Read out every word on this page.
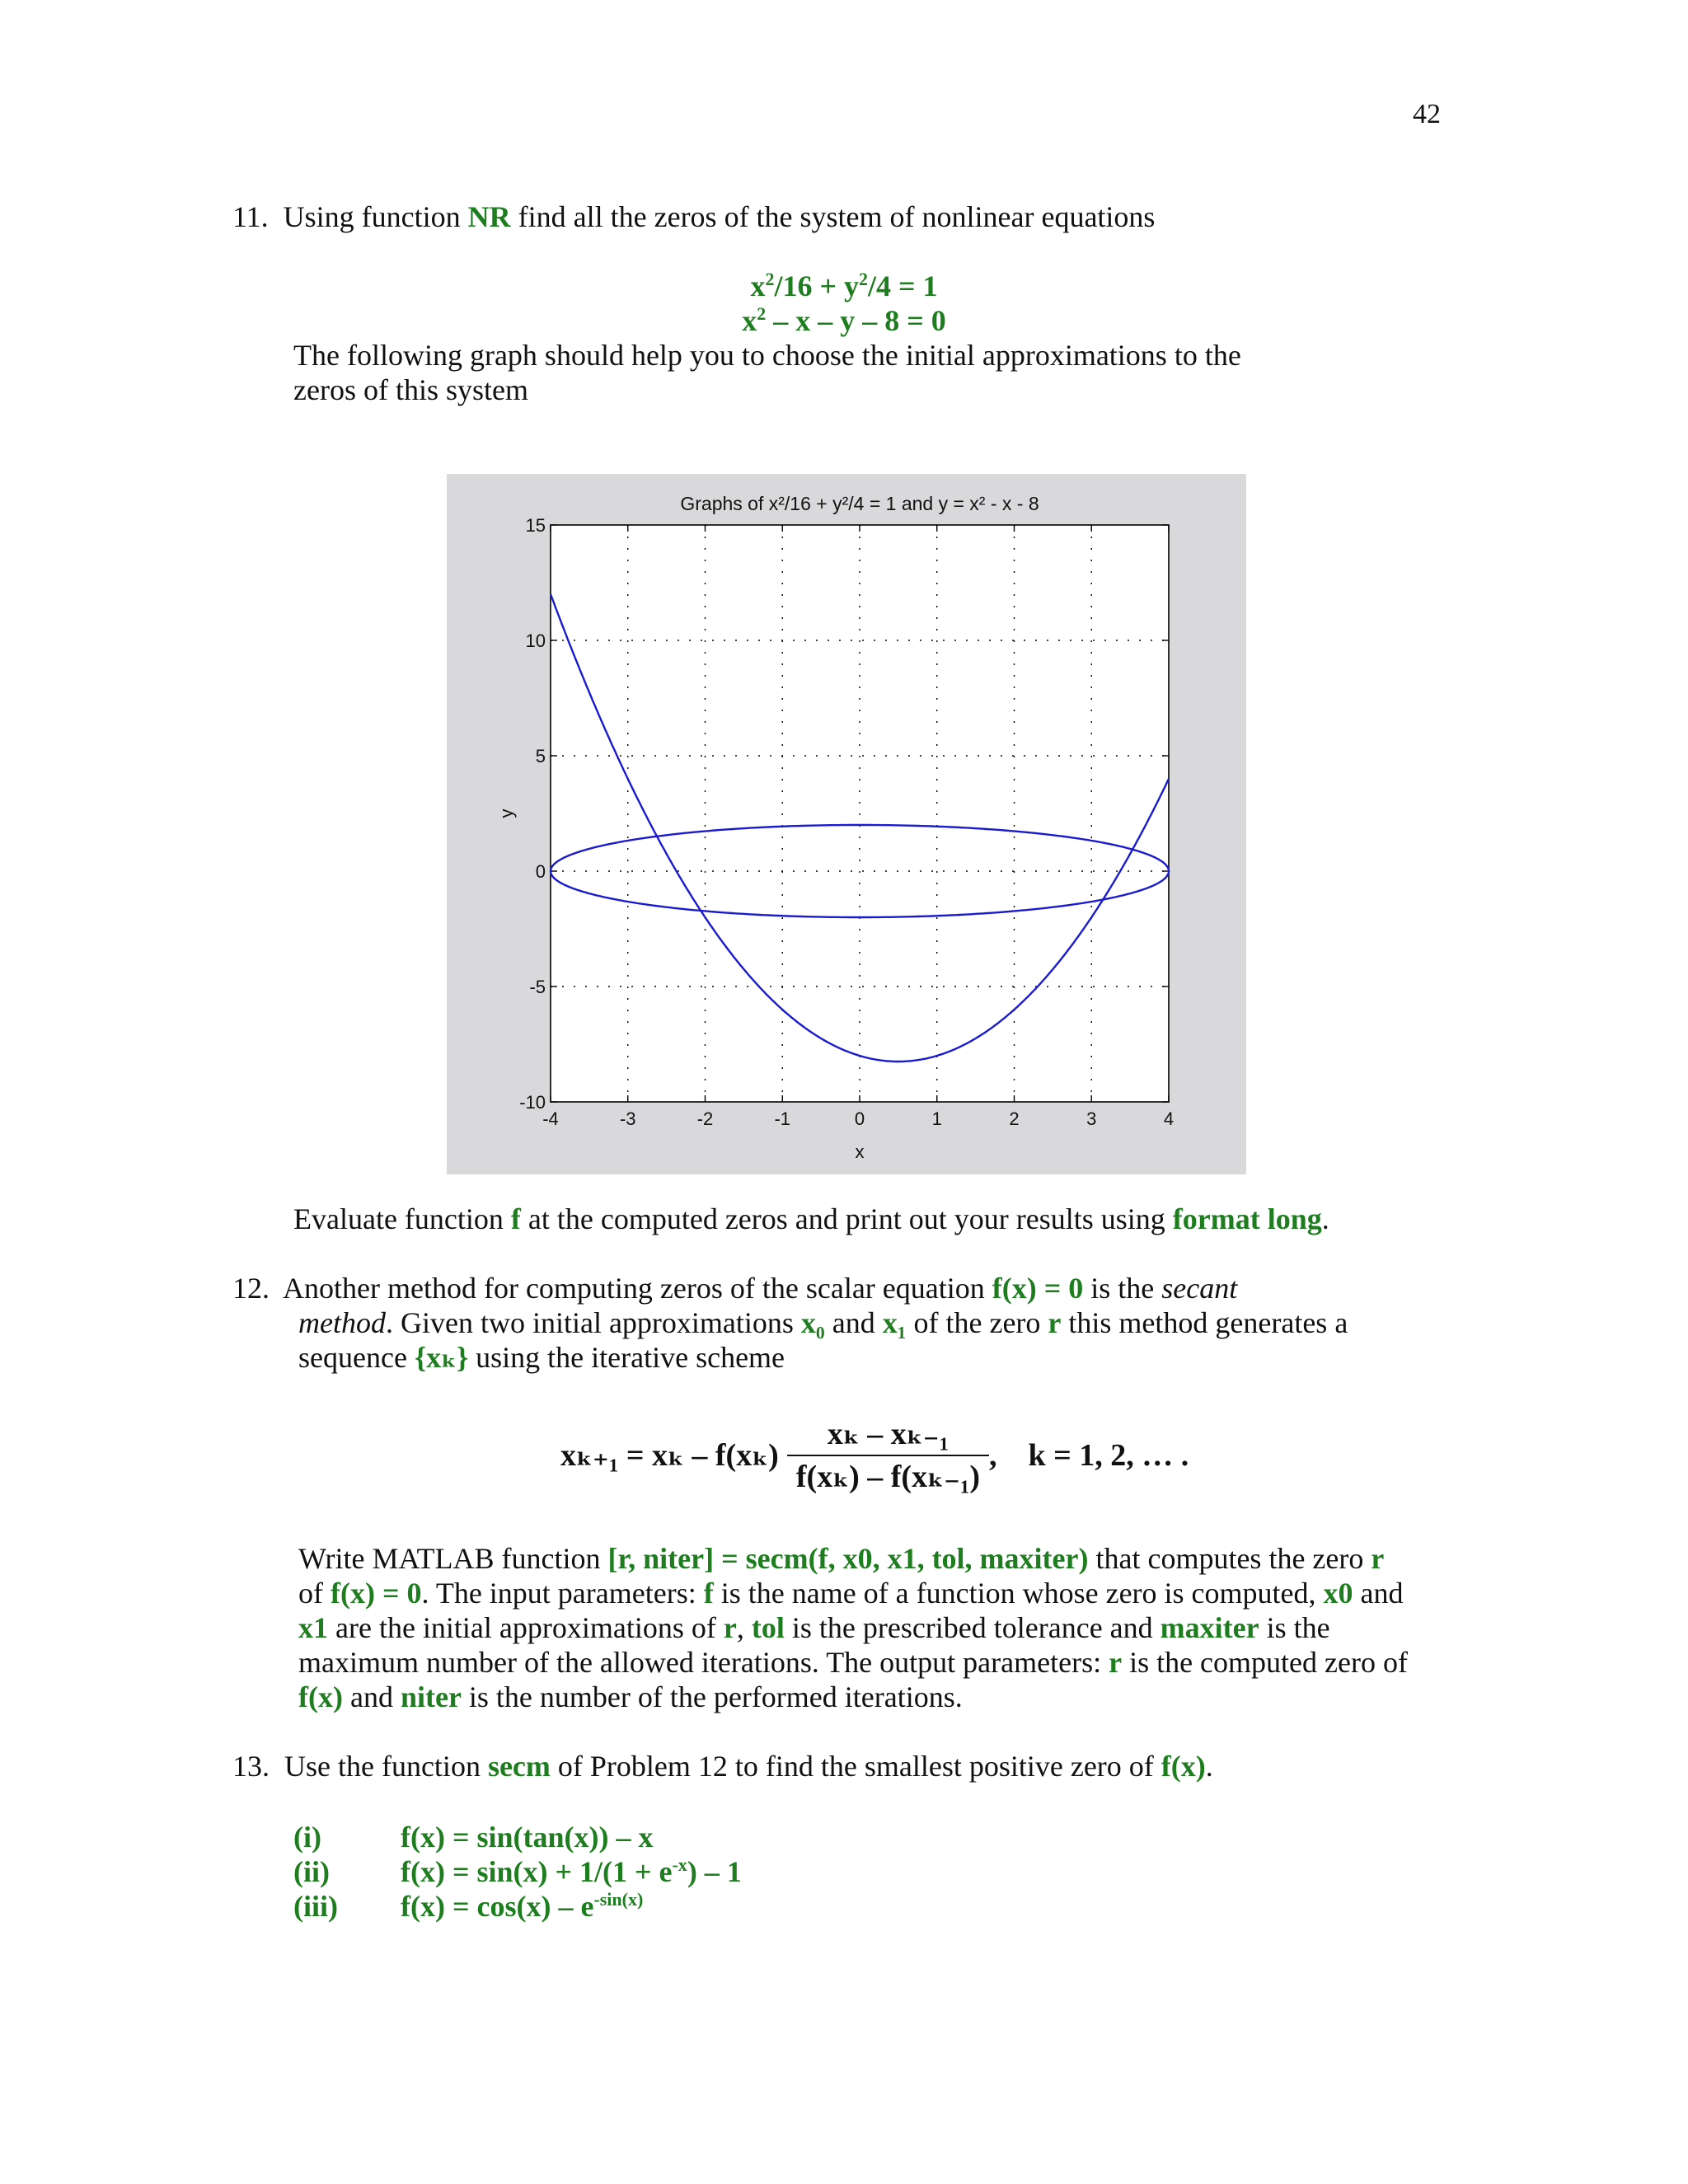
42
11. Using function NR find all the zeros of the system of nonlinear equations
$x^2/16 + y^2/4 = 1$
$x^2 - x - y - 8 = 0$
The following graph should help you to choose the initial approximations to the
zeros of this system
-4	-3	-2	-1	0	1	2	3	4
-10
-5
0
5
10
15
Graphs of x²/16 + y²/4 = 1 and y = x² - x - 8
x
y
Evaluate function f at the computed zeros and print out your results using format long.
12. Another method for computing zeros of the scalar equation f(x) = 0 is the secant
method. Given two initial approximations x₀ and x₁ of the zero r this method generates a
sequence {xₖ} using the iterative scheme
xₖ₊₁ = xₖ – f(xₖ)
xₖ – xₖ₋₁
f(xₖ) – f(xₖ₋₁)
,    k = 1, 2, … .
Write MATLAB function [r, niter] = secm(f, x0, x1, tol, maxiter) that computes the zero r
of f(x) = 0. The input parameters: f is the name of a function whose zero is computed, x0 and
x1 are the initial approximations of r, tol is the prescribed tolerance and maxiter is the
maximum number of the allowed iterations. The output parameters: r is the computed zero of
f(x) and niter is the number of the performed iterations.
13. Use the function secm of Problem 12 to find the smallest positive zero of f(x).
(i)	f(x) = sin(tan(x)) – x
(ii) $f(x) = \sin(x) + 1/(1 + e^{-x}) - 1$
(iii) $f(x) = \cos(x) - e^{-sin(x)}$
